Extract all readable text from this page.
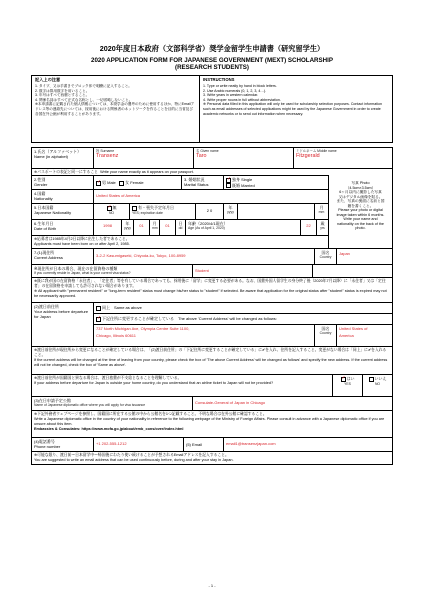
2020年度日本政府（文部科学省）奨学金留学生申請書（研究留学生）
2020 APPLICATION FORM FOR JAPANESE GOVERNMENT (MEXT) SCHOLARSHIP
(RESEARCH STUDENTS)
記入上の注意
1. タイプ、又は手書きでブロック体で明瞭に記入すること。
2. 数字は算用数字を用いること。
3. 年号はすべて西暦とすること。
4. 関係名詞はすべて正式な名称とし、一切省略しないこと。
※本申請書に記載された個人情報については、本奨学金の選考のために使用するほか、特にEmailアドレス等の連絡先については、採用後における関係者のネットワークを作ることを目的に当省及び各国在外公館が利用することがあります。
INSTRUCTIONS
1. Type or write neatly by hand in block letters.
2. Use Arabic numerals (0, 1, 2, 3, 4…).
3. Write years in western calendar.
4. Write proper nouns in full without abbreviation.
※ Personal data filled in this application will only be used for scholarship selection purposes. Contact information such as email addresses of selected applications might be used by the Japanese Government in order to create academic networks or to send out information when necessary.
1.氏名（アルファベット）
Name (in alphabet)
姓 Surname
Transenz
名 Given name
Taro
ミドルネーム Middle name
Fitzgerald
※パスポートの表記と同一にすること
Write your name exactly as it appears on your passport.
写真 Photo
（4.5cm×3.5cm）
6ヶ月以内に撮影した写真
又はデジタル画像を貼る。
また、写真の裏面に名前と国
籍を書くこと。
Please your photo or digital
image taken within 6 months.
Write your name and
nationality on the back of the
photo.
2.性別
Gender
✓	男 Male 女 Female
3. 婚姻状況
Marital Status
✓独身 Single
既婚 Married
4.国籍
Nationality
United States of America
5.日本国籍
Japanese Nationality
✓無
NO
有・喪失予定年月日
YES; expiration date	2 0
年
yyyy
月
mm
6.生年月日
Date of Birth
1998	年
yyyy	01	月
mm	01	日
dd
年齢（2020/4/1現在）
Age (As of April 1, 2020)	22	歳
yrs
※応募者は1985年4月2日以降に出生した者であること。
Applicants must have been born on or after April 2, 1985.
7.(1)現住所
Current Address	3-2-2 Kasumigaseki, Chiyoda-ku, Tokyo, 100-8959
国名
Country
Japan
※現住所が日本の場合、現在の在留資格の種類
If you currently reside in Japan, what is your current visa status?	Student
※既に我が国の在留資格「永住者」、「定住者」等を有している場合であっても、採用後に「留学」に変更する必要がある。なお、国費外国人留学生の身分終了後（2020年7月以降）に「永住者」又は「定住者」の在留資格を申請しても許可されない場合があります。
※ All applicant with "permanent resident" or "long-term resident" status must change his/her status to "student" if selected. Be aware that application for the original status after "student" status is expired may not be necessarily approved.
(2)渡日前住所
Your address before departure for Japan
同上　Same as above
✓下記住所に変更することが確定している　The above 'Current Address' will be changed as follows:
737 North Michigan Ave, Olympia Centre Suite 1100,
Chicago, Illinois 60611
国名
Country
United States of
America
※渡日前住所が現住所から変更になることが確定している場合は、「(2)渡日前住所」の「下記住所に変更することが確定している」に✔を入れ、住所を記入すること。変更がない場合は「同上」に✔を入れること。
If the current address will be changed at the time of leaving from your country, please check the box of 'The above Current Address' will be changed as follows' and specify the new address. If the current address will not be changed, check the box of 'Same as above'.
※渡日前住所が国籍国と異なる場合は、渡日旅費が不支給となることを理解している。
If your address before departure for Japan is outside your home country, do you understand that an airline ticket to Japan will not be provided?
✓はい
YES
いいえ
NO
(3)在日申請予定公館
Name of Japanese diplomatic office where you will apply for visa issuance	Consulate-General of Japan in Chicago
※下記外務省ウェブページを参照し、国籍国に所在する公館の中から公館名を1つ記載すること。不明な場合は在外公館に確認すること。
Write a Japanese diplomatic office in the country of your nationality in reference to the following webpage of the Ministry of Foreign Affairs. Please consult in advance with a Japanese diplomatic office if you are unsure about this item.
Embassies & Consulates: https://www.mofa.go.jp/about/emb_cons/over/index.html
(4)電話番号
Phone number
+1 202-555-1212	(5) Email	email1@transenzjapan.com
※可能な限り、渡日前～日本留学中～帰国後にわたり使い続けることが予想されるEmailアドレスを記入すること。
You are suggested to write an email address that can be used continuously before, during and after your stay in Japan.
- 1 -
